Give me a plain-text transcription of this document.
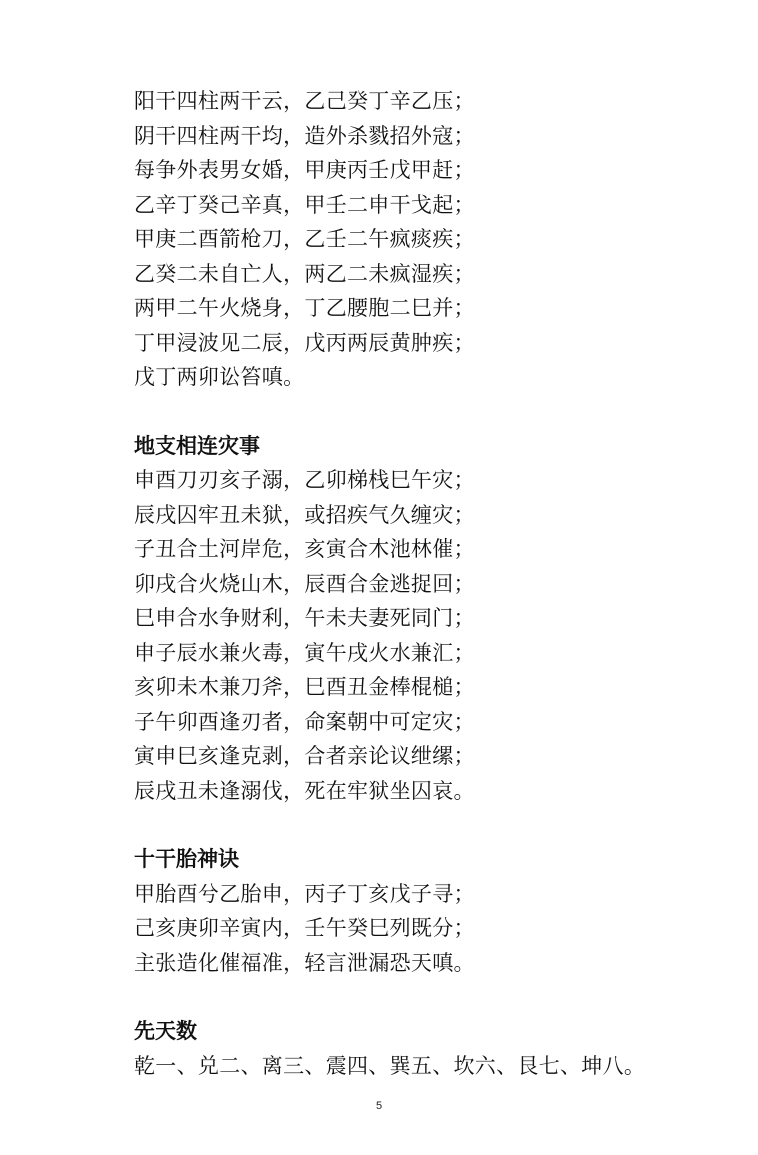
阳干四柱两干云，乙己癸丁辛乙压；
阴干四柱两干均，造外杀戮招外寇；
每争外表男女婚，甲庚丙壬戊甲赶；
乙辛丁癸己辛真，甲壬二申干戈起；
甲庚二酉箭枪刀，乙壬二午疯痰疾；
乙癸二未自亡人，两乙二未疯湿疾；
两甲二午火烧身，丁乙腰胞二巳并；
丁甲浸波见二辰，戊丙两辰黄肿疾；
戊丁两卯讼笞嗔。
地支相连灾事
申酉刀刃亥子溺，乙卯梯栈巳午灾；
辰戌囚牢丑未狱，或招疾气久缠灾；
子丑合土河岸危，亥寅合木池林催；
卯戌合火烧山木，辰酉合金逃捉回；
巳申合水争财利，午未夫妻死同门；
申子辰水兼火毒，寅午戌火水兼汇；
亥卯未木兼刀斧，巳酉丑金棒棍槌；
子午卯酉逢刃者，命案朝中可定灾；
寅申巳亥逢克剥，合者亲论议绁缧；
辰戌丑未逢溺伐，死在牢狱坐囚哀。
十干胎神诀
甲胎酉兮乙胎申，丙子丁亥戊子寻；
己亥庚卯辛寅内，壬午癸巳列既分；
主张造化催福准，轻言泄漏恐天嗔。
先天数
乾一、兑二、离三、震四、巽五、坎六、艮七、坤八。
5
